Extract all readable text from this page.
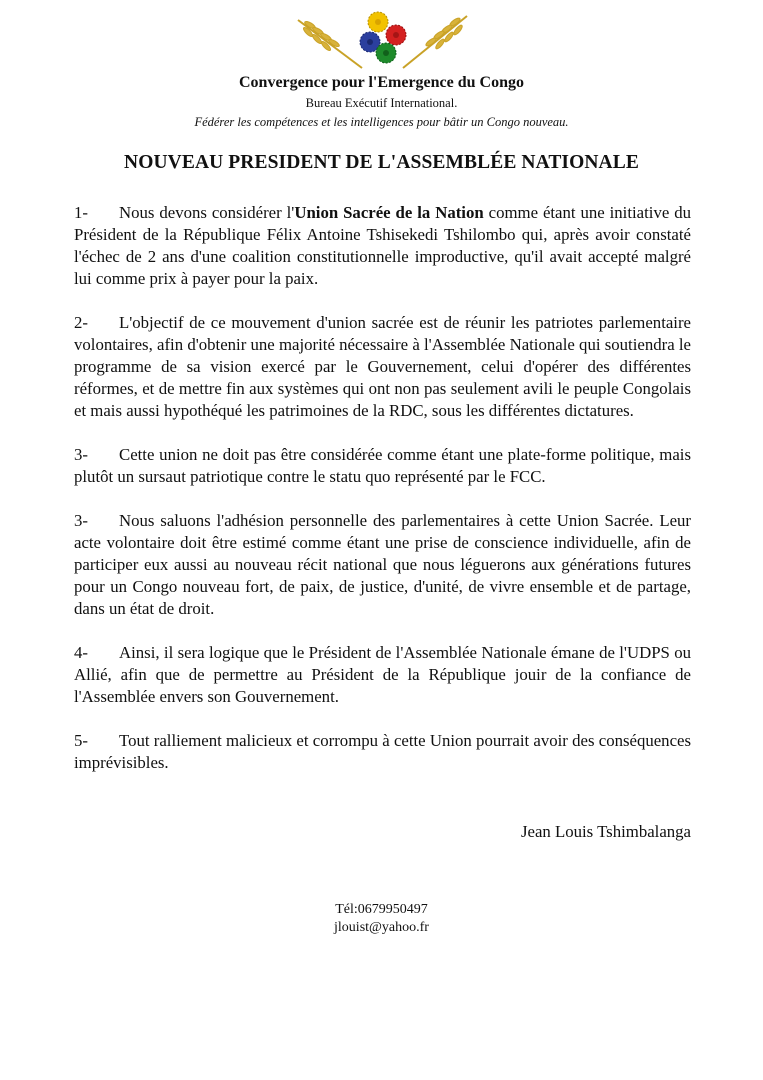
Convergence pour l'Emergence du Congo
Bureau Exécutif International.
Fédérer les compétences et les intelligences pour bâtir un Congo nouveau.
NOUVEAU PRESIDENT DE L'ASSEMBLÉE NATIONALE

1- Nous devons considérer l'Union Sacrée de la Nation comme étant une initiative du Président de la République Félix Antoine Tshisekedi Tshilombo qui, après avoir constaté l'échec de 2 ans d'une coalition constitutionnelle improductive, qu'il avait accepté malgré lui comme prix à payer pour la paix.

2- L'objectif de ce mouvement d'union sacrée est de réunir les patriotes parlementaire volontaires, afin d'obtenir une majorité nécessaire à l'Assemblée Nationale qui soutiendra le programme de sa vision exercé par le Gouvernement, celui d'opérer des différentes réformes, et de mettre fin aux systèmes qui ont non pas seulement avili le peuple Congolais et mais aussi hypothéqué les patrimoines de la RDC, sous les différentes dictatures.

3- Cette union ne doit pas être considérée comme étant une plate-forme politique, mais plutôt un sursaut patriotique contre le statu quo représenté par le FCC.

3- Nous saluons l'adhésion personnelle des parlementaires à cette Union Sacrée. Leur acte volontaire doit être estimé comme étant une prise de conscience individuelle, afin de participer eux aussi au nouveau récit national que nous léguerons aux générations futures pour un Congo nouveau fort, de paix, de justice, d'unité, de vivre ensemble et de partage, dans un état de droit.

4- Ainsi, il sera logique que le Président de l'Assemblée Nationale émane de l'UDPS ou Allié, afin que de permettre au Président de la République jouir de la confiance de l'Assemblée envers son Gouvernement.

5- Tout ralliement malicieux et corrompu à cette Union pourrait avoir des conséquences imprévisibles.

Jean Louis Tshimbalanga
Tél:0679950497
jlouist@yahoo.fr
